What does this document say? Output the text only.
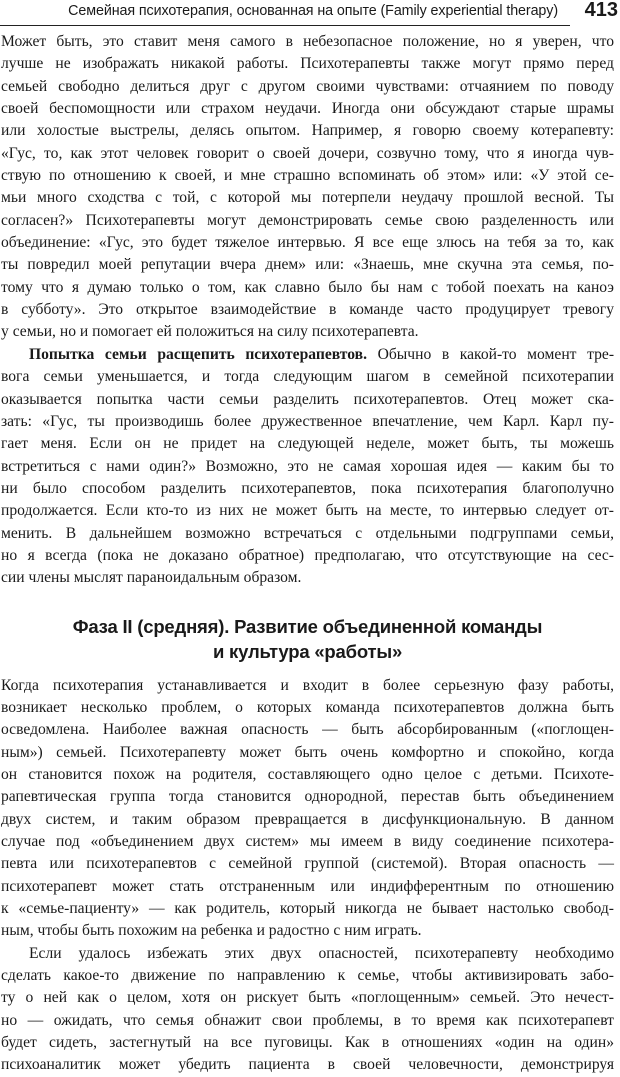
Семейная психотерапия, основанная на опыте (Family experiential therapy) 413

Может быть, это ставит меня самого в небезопасное положение, но я уверен, что
лучше не изображать никакой работы. Психотерапевты также могут прямо перед
семьей свободно делиться друг с другом своими чувствами: отчаянием по поводу
своей беспомощности или страхом неудачи. Иногда они обсуждают старые шрамы
или холостые выстрелы, делясь опытом. Например, я говорю своему котерапевту:
«Гус, то, как этот человек говорит о своей дочери, созвучно тому, что я иногда чув-
ствую по отношению к своей, и мне страшно вспоминать об этом» или: «У этой се-
мьи много сходства с той, с которой мы потерпели неудачу прошлой весной. Ты
согласен?» Психотерапевты могут демонстрировать семье свою разделенность или
объединение: «Гус, это будет тяжелое интервью. Я все еще злюсь на тебя за то, как
ты повредил моей репутации вчера днем» или: «Знаешь, мне скучна эта семья, по-
тому что я думаю только о том, как славно было бы нам с тобой поехать на каноэ
в субботу». Это открытое взаимодействие в команде часто продуцирует тревогу
у семьи, но и помогает ей положиться на силу психотерапевта.

Попытка семьи расщепить психотерапевтов. Обычно в какой-то момент тре-
вога семьи уменьшается, и тогда следующим шагом в семейной психотерапии
оказывается попытка части семьи разделить психотерапевтов. Отец может ска-
зать: «Гус, ты производишь более дружественное впечатление, чем Карл. Карл пу-
гает меня. Если он не придет на следующей неделе, может быть, ты можешь
встретиться с нами один?» Возможно, это не самая хорошая идея — каким бы то
ни было способом разделить психотерапевтов, пока психотерапия благополучно
продолжается. Если кто-то из них не может быть на месте, то интервью следует от-
менить. В дальнейшем возможно встречаться с отдельными подгруппами семьи,
но я всегда (пока не доказано обратное) предполагаю, что отсутствующие на сес-
сии члены мыслят параноидальным образом.

Фаза II (средняя). Развитие объединенной команды
и культура «работы»

Когда психотерапия устанавливается и входит в более серьезную фазу работы,
возникает несколько проблем, о которых команда психотерапевтов должна быть
осведомлена. Наиболее важная опасность — быть абсорбированным («поглощен-
ным») семьей. Психотерапевту может быть очень комфортно и спокойно, когда
он становится похож на родителя, составляющего одно целое с детьми. Психоте-
рапевтическая группа тогда становится однородной, перестав быть объединением
двух систем, и таким образом превращается в дисфункциональную. В данном
случае под «объединением двух систем» мы имеем в виду соединение психотера-
певта или психотерапевтов с семейной группой (системой). Вторая опасность —
психотерапевт может стать отстраненным или индифферентным по отношению
к «семье-пациенту» — как родитель, который никогда не бывает настолько свобод-
ным, чтобы быть похожим на ребенка и радостно с ним играть.

Если удалось избежать этих двух опасностей, психотерапевту необходимо
сделать какое-то движение по направлению к семье, чтобы активизировать забо-
ту о ней как о целом, хотя он рискует быть «поглощенным» семьей. Это нечест-
но — ожидать, что семья обнажит свои проблемы, в то время как психотерапевт
будет сидеть, застегнутый на все пуговицы. Как в отношениях «один на один»
психоаналитик может убедить пациента в своей человечности, демонстрируя
